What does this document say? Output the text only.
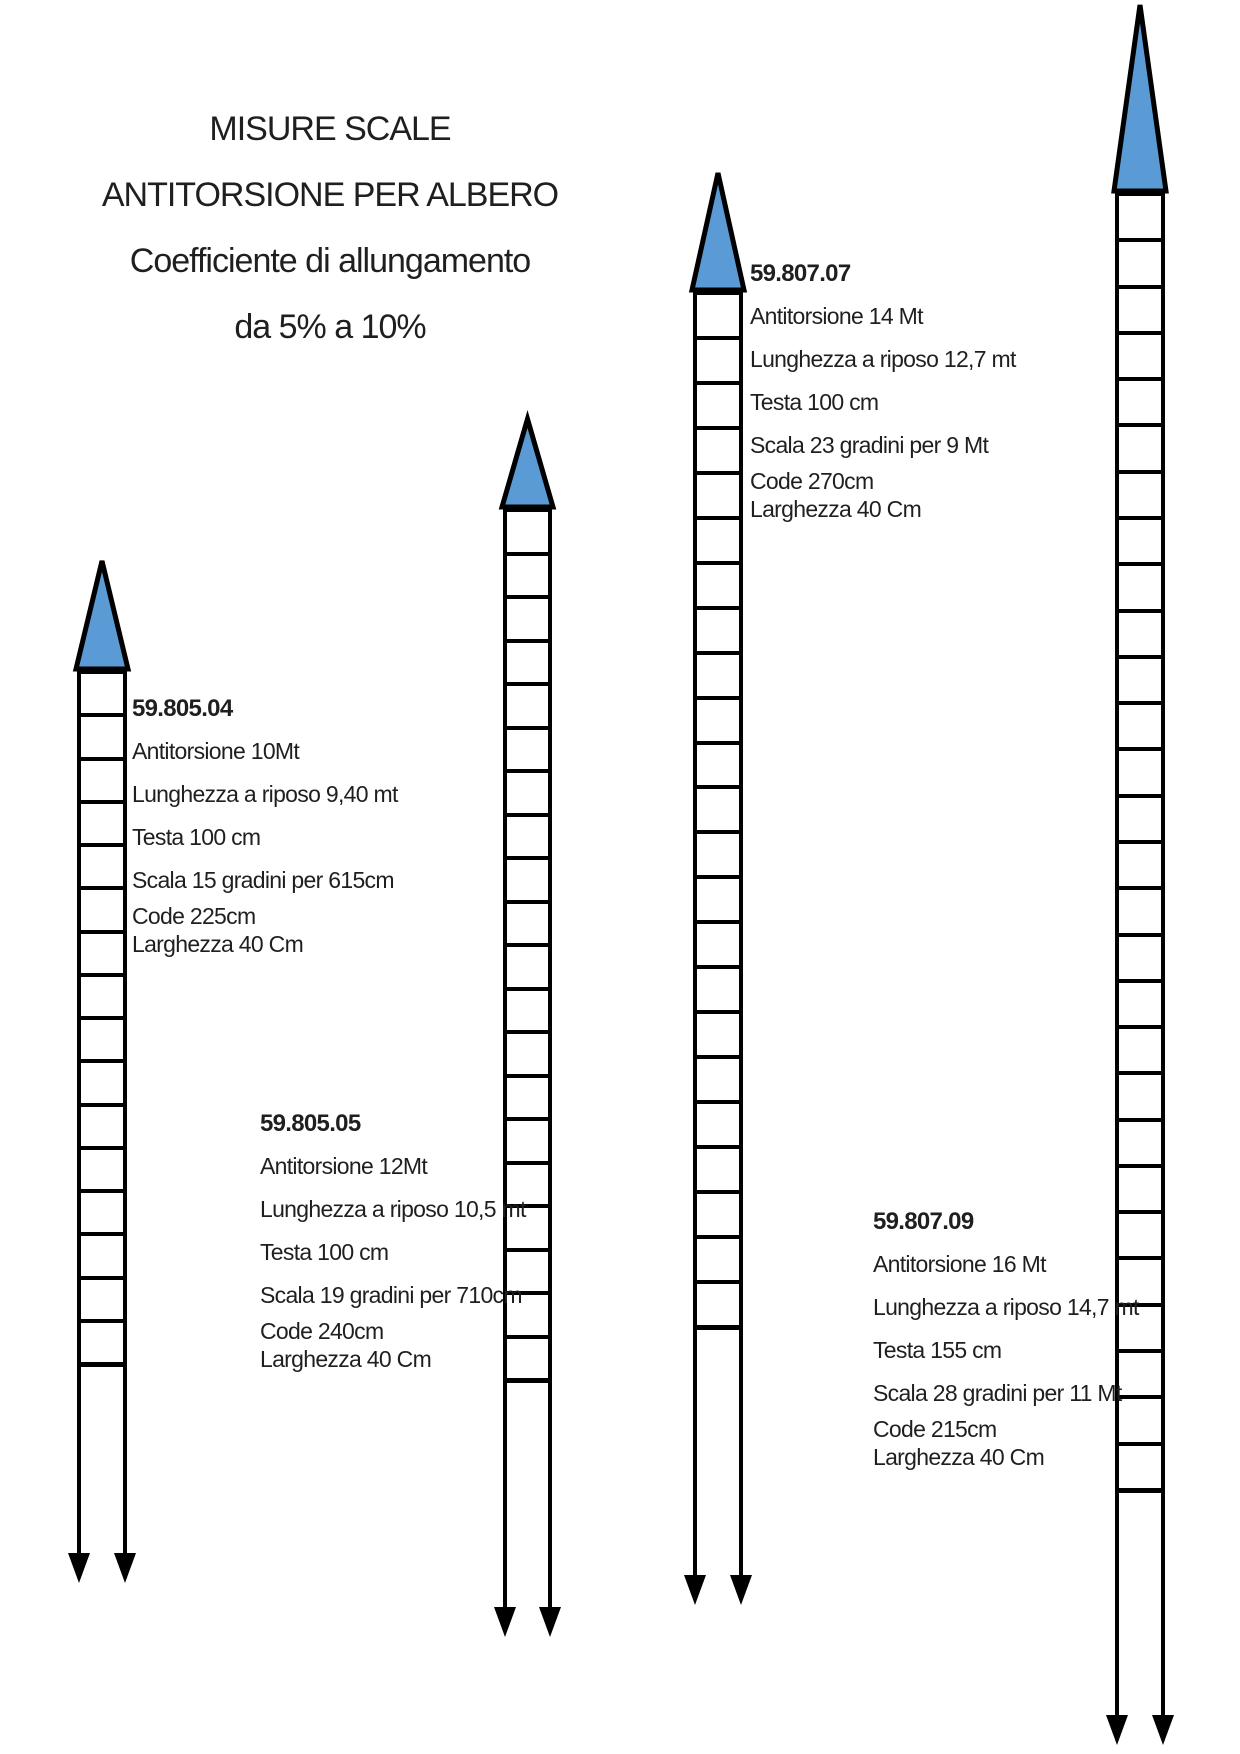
MISURE SCALE
ANTITORSIONE PER ALBERO
Coefficiente di allungamento
da 5% a 10%
59.805.04
Antitorsione 10Mt
Lunghezza a riposo 9,40 mt
Testa 100 cm
Scala 15 gradini per 615cm
Code 225cm
Larghezza 40 Cm
59.805.05
Antitorsione 12Mt
Lunghezza a riposo 10,5 mt
Testa 100 cm
Scala 19 gradini per 710cm
Code 240cm
Larghezza 40 Cm
59.807.07
Antitorsione 14 Mt
Lunghezza a riposo 12,7 mt
Testa 100 cm
Scala 23 gradini per 9 Mt
Code 270cm
Larghezza 40 Cm
59.807.09
Antitorsione 16 Mt
Lunghezza a riposo 14,7 mt
Testa 155 cm
Scala 28 gradini per 11 Mt
Code 215cm
Larghezza 40 Cm
